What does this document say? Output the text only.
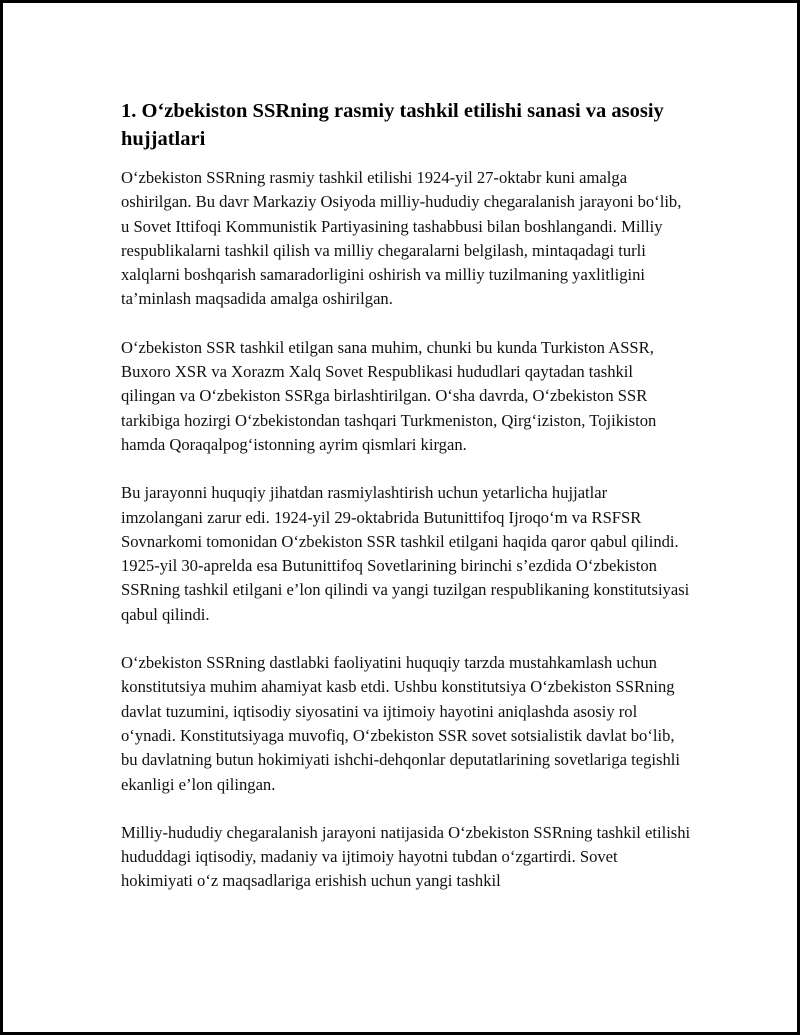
1. O‘zbekiston SSRning rasmiy tashkil etilishi sanasi va asosiy hujjatlari

O‘zbekiston SSRning rasmiy tashkil etilishi 1924-yil 27-oktabr kuni amalga oshirilgan. Bu davr Markaziy Osiyoda milliy-hududiy chegaralanish jarayoni bo‘lib, u Sovet Ittifoqi Kommunistik Partiyasining tashabbusi bilan boshlangandi. Milliy respublikalarni tashkil qilish va milliy chegaralarni belgilash, mintaqadagi turli xalqlarni boshqarish samaradorligini oshirish va milliy tuzilmaning yaxlitligini ta’minlash maqsadida amalga oshirilgan.

O‘zbekiston SSR tashkil etilgan sana muhim, chunki bu kunda Turkiston ASSR, Buxoro XSR va Xorazm Xalq Sovet Respublikasi hududlari qaytadan tashkil qilingan va O‘zbekiston SSRga birlashtirilgan. O‘sha davrda, O‘zbekiston SSR tarkibiga hozirgi O‘zbekistondan tashqari Turkmeniston, Qirg‘iziston, Tojikiston hamda Qoraqalpog‘istonning ayrim qismlari kirgan.

Bu jarayonni huquqiy jihatdan rasmiylashtirish uchun yetarlicha hujjatlar imzolangani zarur edi. 1924-yil 29-oktabrida Butunittifoq Ijroqo‘m va RSFSR Sovnarkomi tomonidan O‘zbekiston SSR tashkil etilgani haqida qaror qabul qilindi. 1925-yil 30-aprelda esa Butunittifoq Sovetlarining birinchi s’ezdida O‘zbekiston SSRning tashkil etilgani e’lon qilindi va yangi tuzilgan respublikaning konstitutsiyasi qabul qilindi.

O‘zbekiston SSRning dastlabki faoliyatini huquqiy tarzda mustahkamlash uchun konstitutsiya muhim ahamiyat kasb etdi. Ushbu konstitutsiya O‘zbekiston SSRning davlat tuzumini, iqtisodiy siyosatini va ijtimoiy hayotini aniqlashda asosiy rol o‘ynadi. Konstitutsiyaga muvofiq, O‘zbekiston SSR sovet sotsialistik davlat bo‘lib, bu davlatning butun hokimiyati ishchi-dehqonlar deputatlarining sovetlariga tegishli ekanligi e’lon qilingan.

Milliy-hududiy chegaralanish jarayoni natijasida O‘zbekiston SSRning tashkil etilishi hududdagi iqtisodiy, madaniy va ijtimoiy hayotni tubdan o‘zgartirdi. Sovet hokimiyati o‘z maqsadlariga erishish uchun yangi tashkil
